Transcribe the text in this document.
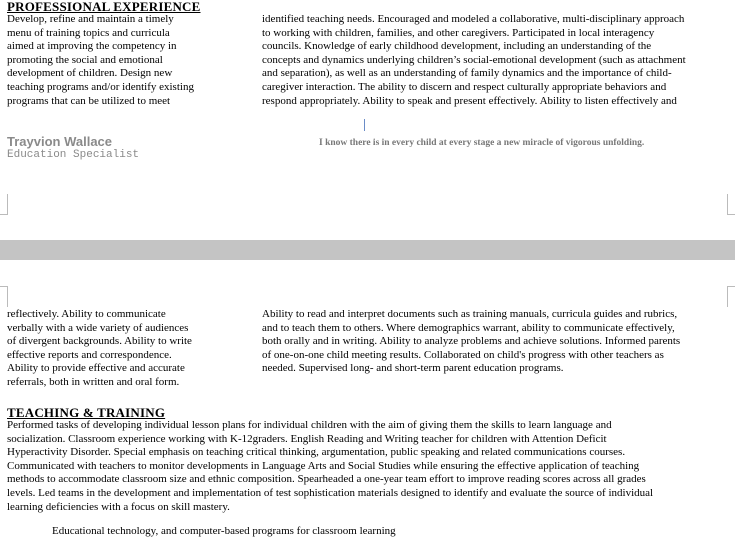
PROFESSIONAL EXPERIENCE
Develop, refine and maintain a timely
menu of training topics and curricula
aimed at improving the competency in
promoting the social and emotional
development of children. Design new
teaching programs and/or identify existing
programs that can be utilized to meet
identified teaching needs. Encouraged and modeled a collaborative, multi-disciplinary approach
to working with children, families, and other caregivers. Participated in local interagency
councils. Knowledge of early childhood development, including an understanding of the
concepts and dynamics underlying children’s social-emotional development (such as attachment
and separation), as well as an understanding of family dynamics and the importance of child-
caregiver interaction. The ability to discern and respect culturally appropriate behaviors and
respond appropriately. Ability to speak and present effectively. Ability to listen effectively and
Trayvion Wallace
Education Specialist
I know there is in every child at every stage a new miracle of vigorous unfolding.
reflectively. Ability to communicate
verbally with a wide variety of audiences
of divergent backgrounds. Ability to write
effective reports and correspondence.
Ability to provide effective and accurate
referrals, both in written and oral form.
Ability to read and interpret documents such as training manuals, curricula guides and rubrics,
and to teach them to others. Where demographics warrant, ability to communicate effectively,
both orally and in writing. Ability to analyze problems and achieve solutions. Informed parents
of one-on-one child meeting results. Collaborated on child's progress with other teachers as
needed. Supervised long- and short-term parent education programs.
TEACHING & TRAINING
Performed tasks of developing individual lesson plans for individual children with the aim of giving them the skills to learn language and
socialization. Classroom experience working with K-12graders. English Reading and Writing teacher for children with Attention Deficit
Hyperactivity Disorder. Special emphasis on teaching critical thinking, argumentation, public speaking and related communications courses.
Communicated with teachers to monitor developments in Language Arts and Social Studies while ensuring the effective application of teaching
methods to accommodate classroom size and ethnic composition. Spearheaded a one-year team effort to improve reading scores across all grades
levels. Led teams in the development and implementation of test sophistication materials designed to identify and evaluate the source of individual
learning deficiencies with a focus on skill mastery.
Educational technology, and computer-based programs for classroom learning
